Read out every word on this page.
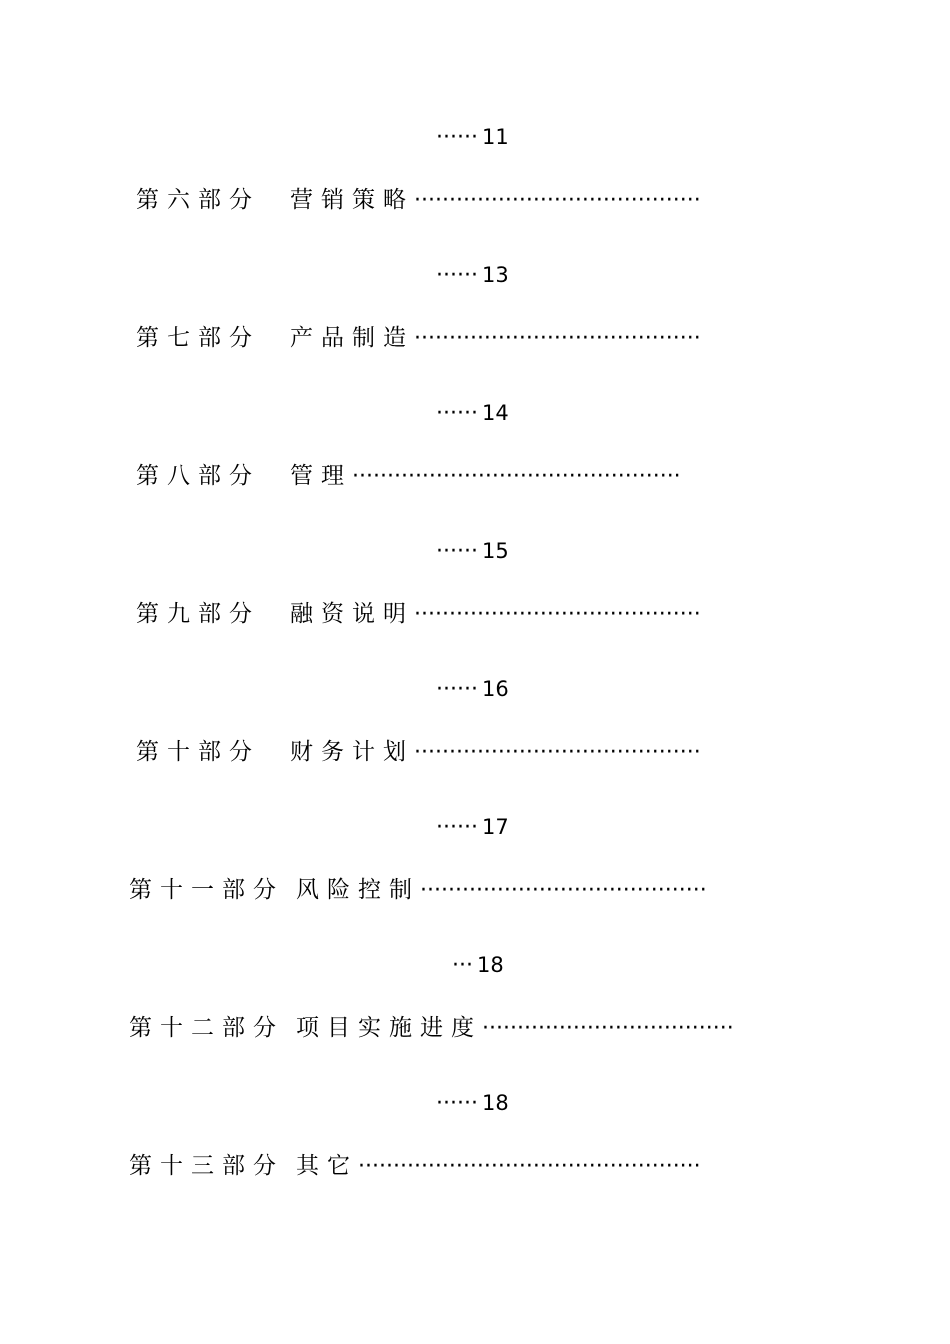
······ 11
第六部分 营销策略·········································
······ 13
第七部分 产品制造·········································
······ 14
第八部分 管理···············································
······ 15
第九部分 融资说明·········································
······ 16
第十部分 财务计划·········································
······ 17
第十一部分 风险控制·········································
··· 18
第十二部分 项目实施进度····································
······ 18
第十三部分 其它·················································
